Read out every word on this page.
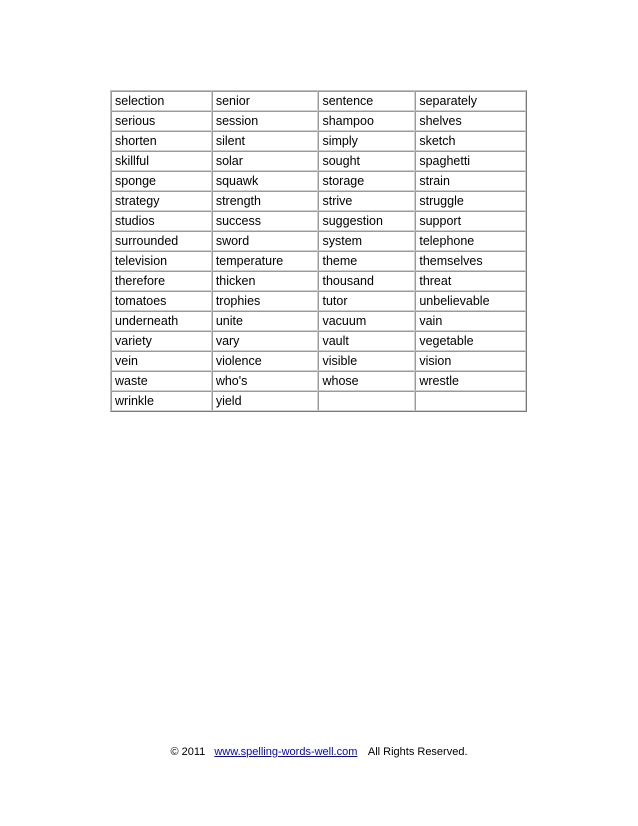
selection	senior	sentence	separately
serious	session	shampoo	shelves
shorten	silent	simply	sketch
skillful	solar	sought	spaghetti
sponge	squawk	storage	strain
strategy	strength	strive	struggle
studios	success	suggestion	support
surrounded	sword	system	telephone
television	temperature	theme	themselves
therefore	thicken	thousand	threat
tomatoes	trophies	tutor	unbelievable
underneath	unite	vacuum	vain
variety	vary	vault	vegetable
vein	violence	visible	vision
waste	who's	whose	wrestle
wrinkle	yield		
© 2011 www.spelling-words-well.com All Rights Reserved.
